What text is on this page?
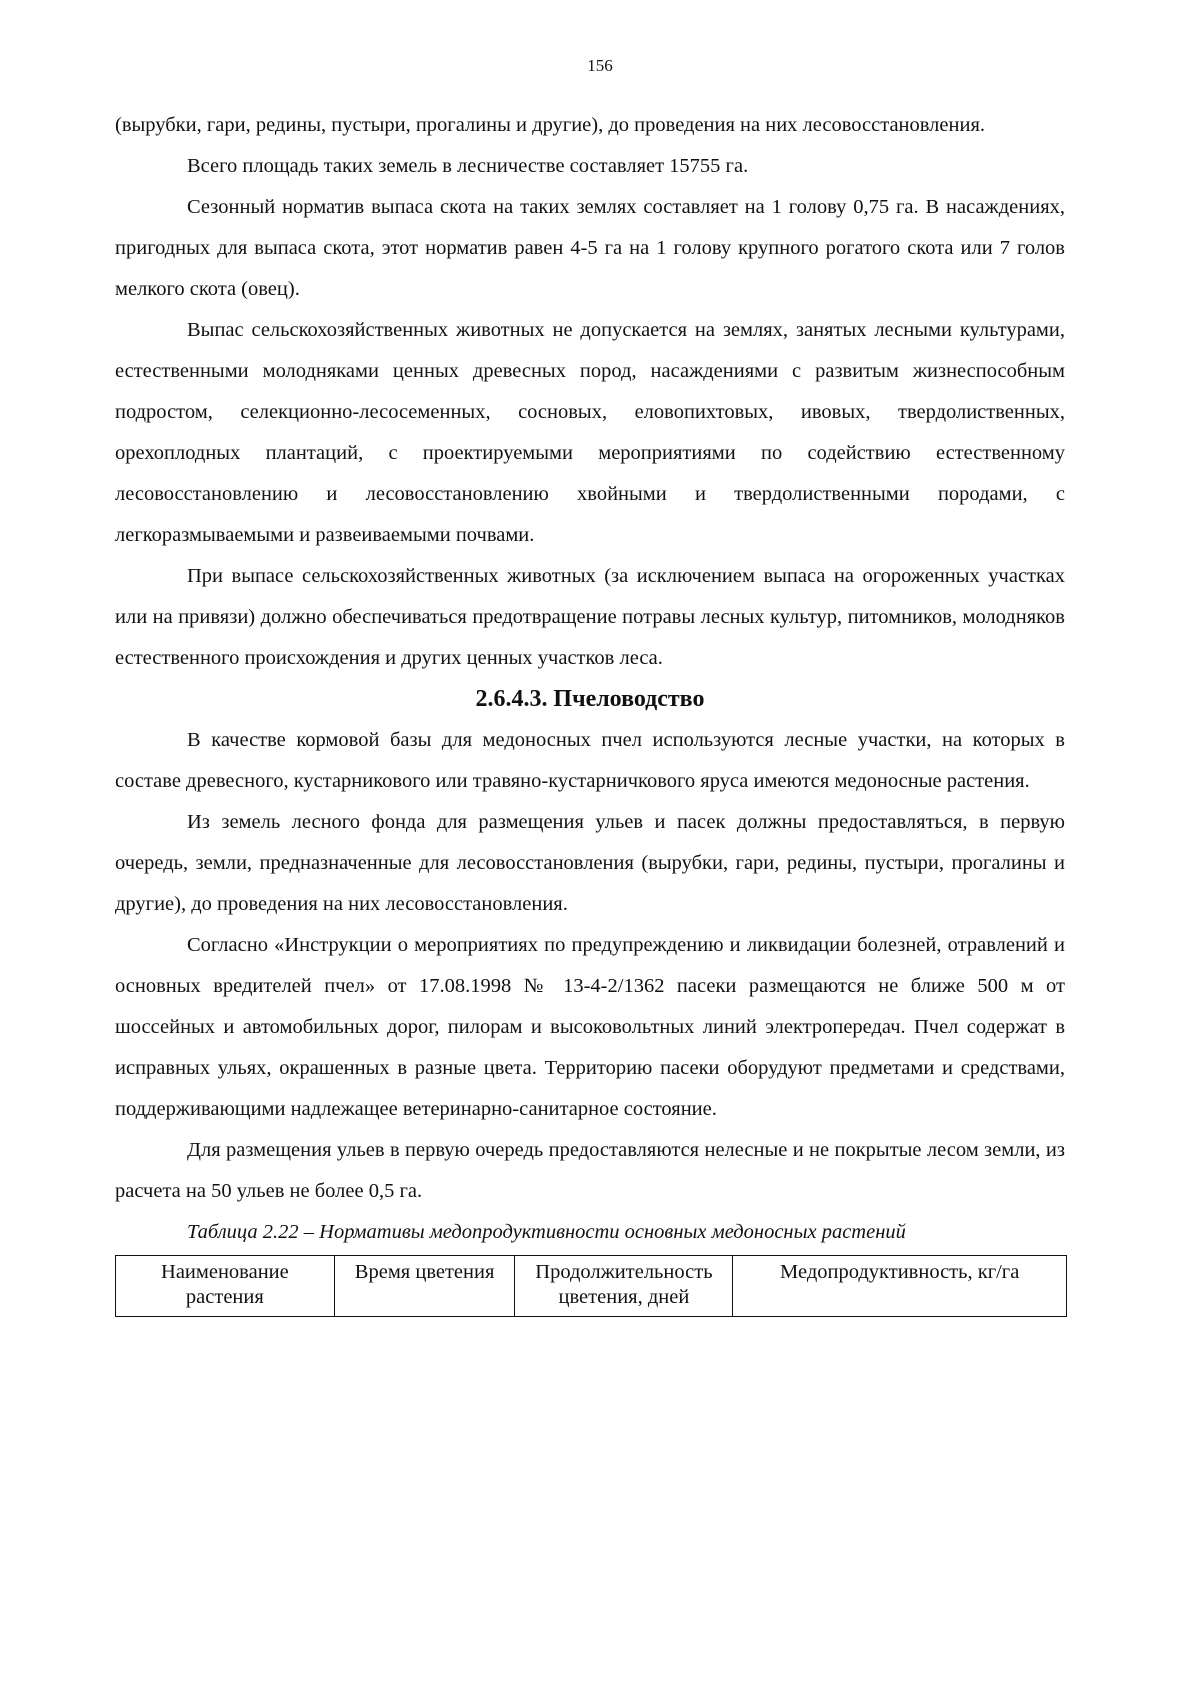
156

(вырубки, гари, редины, пустыри, прогалины и другие), до проведения на них лесовосстановления.

Всего площадь таких земель в лесничестве составляет 15755 га.

Сезонный норматив выпаса скота на таких землях составляет на 1 голову 0,75 га. В насаждениях, пригодных для выпаса скота, этот норматив равен 4-5 га на 1 голову крупного рогатого скота или 7 голов мелкого скота (овец).

Выпас сельскохозяйственных животных не допускается на землях, занятых лесными культурами, естественными молодняками ценных древесных пород, насаждениями с развитым жизнеспособным подростом, селекционно-лесосеменных, сосновых, еловопихтовых, ивовых, твердолиственных, орехоплодных плантаций, с проектируемыми мероприятиями по содействию естественному лесовосстановлению и лесовосстановлению хвойными и твердолиственными породами, с легкоразмываемыми и развеиваемыми почвами.

При выпасе сельскохозяйственных животных (за исключением выпаса на огороженных участках или на привязи) должно обеспечиваться предотвращение потравы лесных культур, питомников, молодняков естественного происхождения и других ценных участков леса.

2.6.4.3. Пчеловодство

В качестве кормовой базы для медоносных пчел используются лесные участки, на которых в составе древесного, кустарникового или травяно-кустарничкового яруса имеются медоносные растения.

Из земель лесного фонда для размещения ульев и пасек должны предоставляться, в первую очередь, земли, предназначенные для лесовосстановления (вырубки, гари, редины, пустыри, прогалины и другие), до проведения на них лесовосстановления.

Согласно «Инструкции о мероприятиях по предупреждению и ликвидации болезней, отравлений и основных вредителей пчел» от 17.08.1998 № 13-4-2/1362 пасеки размещаются не ближе 500 м от шоссейных и автомобильных дорог, пилорам и высоковольтных линий электропередач. Пчел содержат в исправных ульях, окрашенных в разные цвета. Территорию пасеки оборудуют предметами и средствами, поддерживающими надлежащее ветеринарно-санитарное состояние.

Для размещения ульев в первую очередь предоставляются нелесные и не покрытые лесом земли, из расчета на 50 ульев не более 0,5 га.

Таблица 2.22 – Нормативы медопродуктивности основных медоносных растений

Наименование растения	Время цветения	Продолжительность цветения, дней	Медопродуктивность, кг/га
